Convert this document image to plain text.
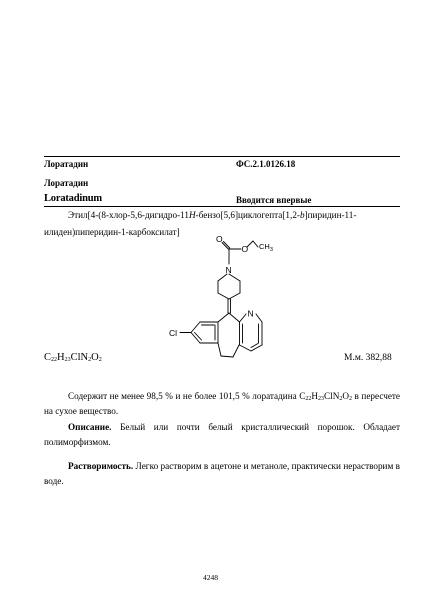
Лоратадин	ФС.2.1.0126.18
Лоратадин
Loratadinum	Вводится впервые
Этил[4-(8-хлор-5,6-дигидро-11H-бензо[5,6]циклогепта[1,2-b]пиридин-11-
илиден)пиперидин-1-карбоксилат]
N
N
O
O $CH_3$
Cl
$C_{22}H_{23}ClN_2O_2$	М.м. 382,88
Содержит не менее 98,5 % и не более 101,5 % лоратадина $C_{22}H_{23}ClN_2O_2$ в пересчете на сухое вещество.
Описание. Белый или почти белый кристаллический порошок. Обладает полиморфизмом.
Растворимость. Легко растворим в ацетоне и метаноле, практически нерастворим в воде.
4248
